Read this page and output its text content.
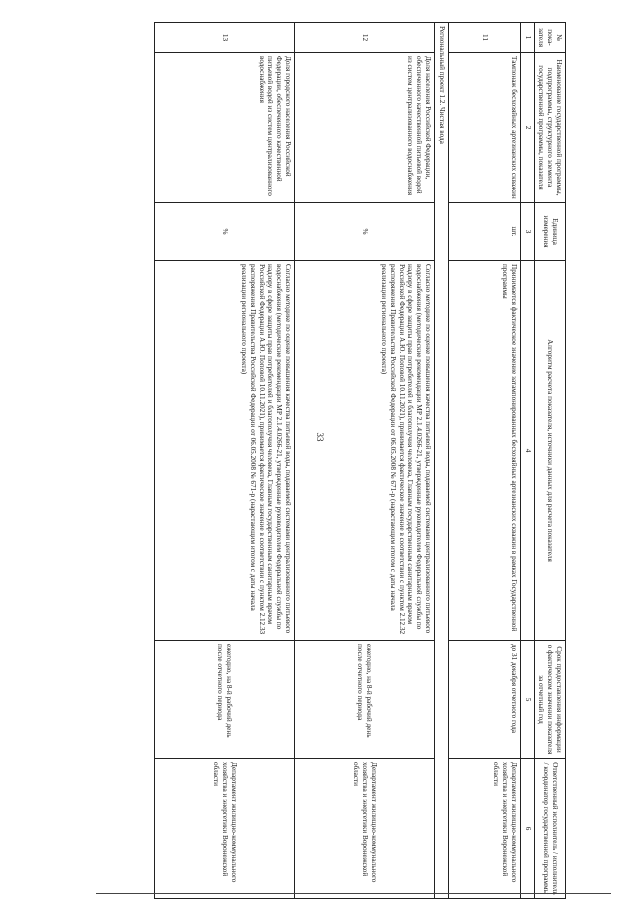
33
№ пока-зателя	Наименование государственной программы, подпрограммы, структурного элемента государственной программы, показателя	Единица измерения	Алгоритм расчета показателя, источники данных для расчета показателя	Срок предоставления информации о фактическом значении показателя за отчетный год	Ответственный исполнитель / исполнитель / координатор государственной программы
1	2	3	4	5	6
11	Тампонаж бесхозяйных артезианских скважин	шт.	Принимается фактическое значение затампонированных бесхозяйных артезианских скважин в рамках Государственной программы	до 31 декабря отчетного года	Департамент жилищно-коммунального хозяйства и энергетики Воронежской области
Региональный проект 1.2. Чистая вода					
12	Доля населения Российской Федерации, обеспеченного качественной питьевой водой из систем централизованного водоснабжения	%	Согласно методике по оценке повышения качества питьевой воды, подаваемой системами централизованного питьевого водоснабжения (методические рекомендации МР 2.1.4.0266-21, утвержденные руководителем Федеральной службы по надзору в сфере защиты прав потребителей и благополучия человека, Главным государственным санитарным врачом Российской Федерации А.Ю. Поповой 10.11.2021), принимается фактическое значение в соответствии с пунктом 2.12.32 распоряжения Правительства Российской Федерации от 06.05.2008 № 671-р (нарастающим итогом с даты начала реализации регионального проекта)	ежегодно, на 8-й рабочий день после отчетного периода	Департамент жилищно-коммунального хозяйства и энергетики Воронежской области
13	Доля городского населения Российской Федерации, обеспеченного качественной питьевой водой из систем централизованного водоснабжения	%	Согласно методике по оценке повышения качества питьевой воды, подаваемой системами централизованного питьевого водоснабжения (методические рекомендации МР 2.1.4.0266-21, утвержденные руководителем Федеральной службы по надзору в сфере защиты прав потребителей и благополучия человека, Главным государственным санитарным врачом Российской Федерации А.Ю. Поповой 10.11.2021), принимается фактическое значение в соответствии с пунктом 2.12.33 распоряжения Правительства Российской Федерации от 06.05.2008 № 671-р (нарастающим итогом с даты начала реализации регионального проекта)	ежегодно, на 8-й рабочий день после отчетного периода	Департамент жилищно-коммунального хозяйства и энергетики Воронежской области
